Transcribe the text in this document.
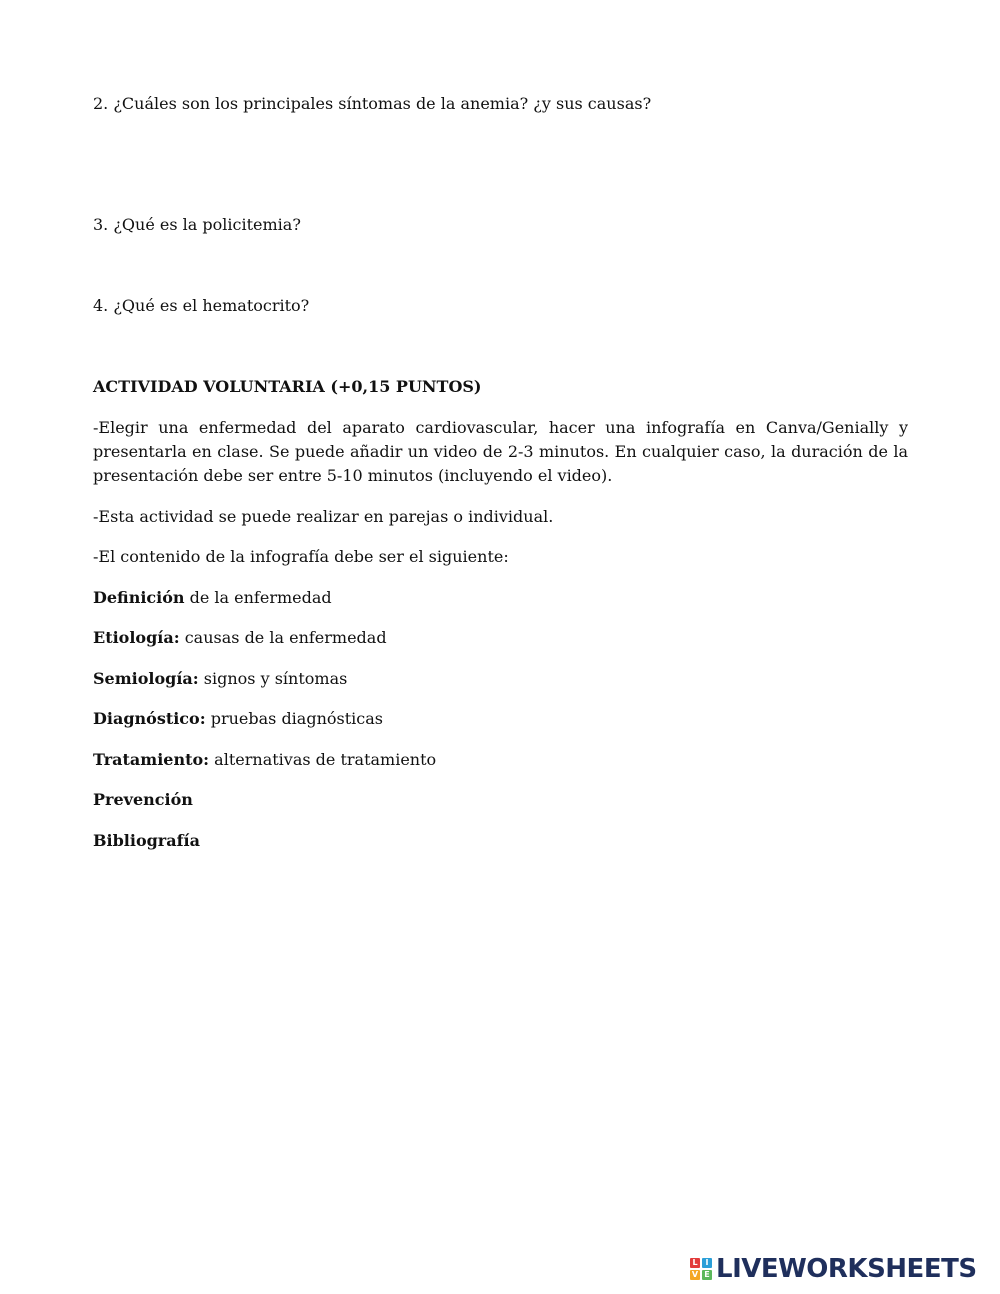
2. ¿Cuáles son los principales síntomas de la anemia? ¿y sus causas?
3. ¿Qué es la policitemia?
4. ¿Qué es el hematocrito?
ACTIVIDAD VOLUNTARIA (+0,15 PUNTOS)
-Elegir una enfermedad del aparato cardiovascular, hacer una infografía en Canva/Genially y presentarla en clase. Se puede añadir un video de 2-3 minutos. En cualquier caso, la duración de la presentación debe ser entre 5-10 minutos (incluyendo el video).
-Esta actividad se puede realizar en parejas o individual.
-El contenido de la infografía debe ser el siguiente:
Definición de la enfermedad
Etiología: causas de la enfermedad
Semiología: signos y síntomas
Diagnóstico: pruebas diagnósticas
Tratamiento: alternativas de tratamiento
Prevención
Bibliografía
L I
V E LIVEWORKSHEETS
